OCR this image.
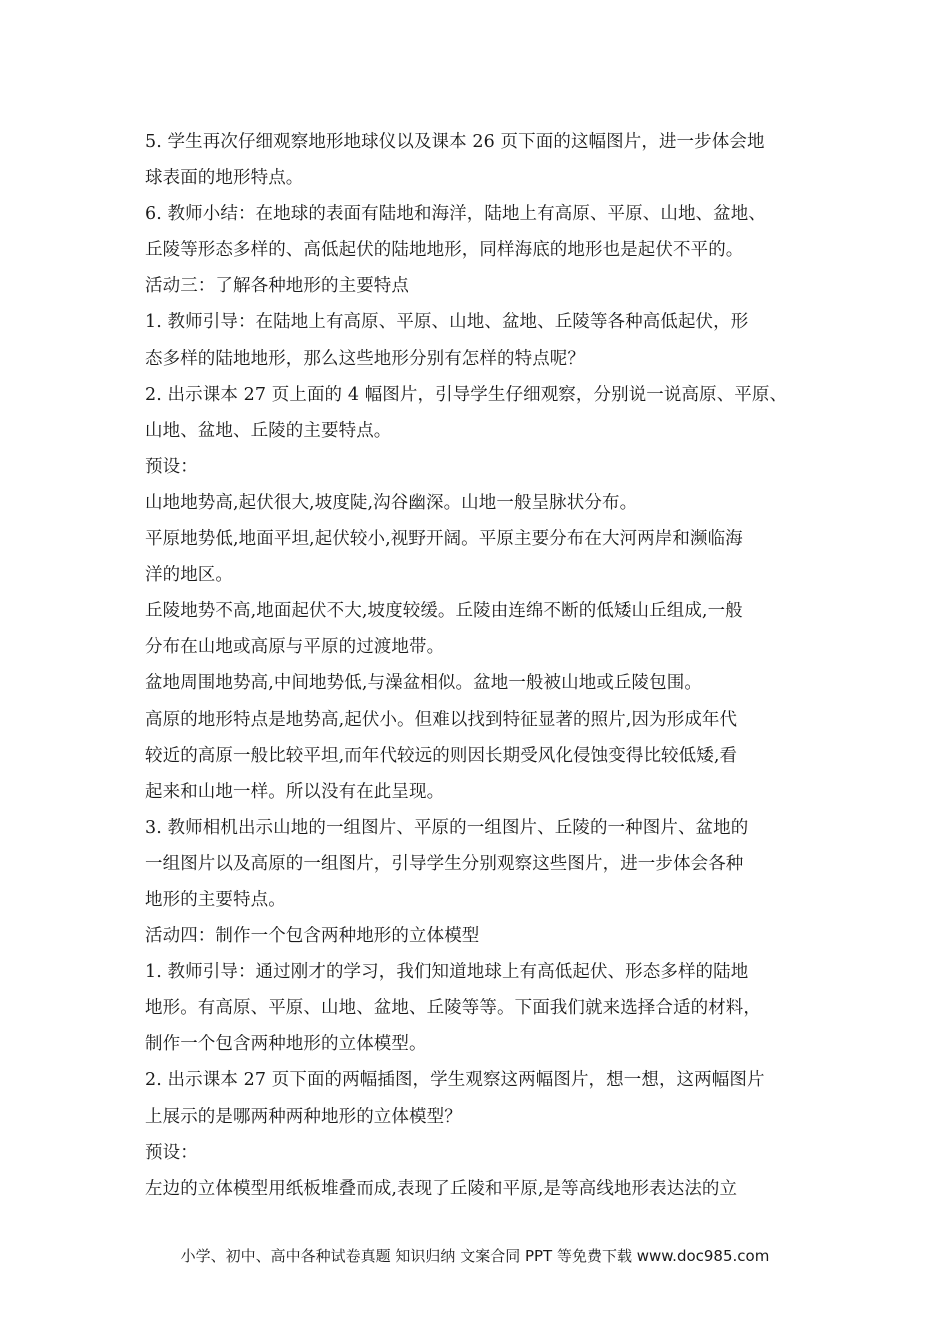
5. 学生再次仔细观察地形地球仪以及课本 26 页下面的这幅图片，进一步体会地
球表面的地形特点。
6. 教师小结：在地球的表面有陆地和海洋，陆地上有高原、平原、山地、盆地、
丘陵等形态多样的、高低起伏的陆地地形，同样海底的地形也是起伏不平的。
活动三：了解各种地形的主要特点
1. 教师引导：在陆地上有高原、平原、山地、盆地、丘陵等各种高低起伏，形
态多样的陆地地形，那么这些地形分别有怎样的特点呢？
2. 出示课本 27 页上面的 4 幅图片，引导学生仔细观察，分别说一说高原、平原、
山地、盆地、丘陵的主要特点。
预设：
山地地势高,起伏很大,坡度陡,沟谷幽深。山地一般呈脉状分布。
平原地势低,地面平坦,起伏较小,视野开阔。平原主要分布在大河两岸和濒临海
洋的地区。
丘陵地势不高,地面起伏不大,坡度较缓。丘陵由连绵不断的低矮山丘组成,一般
分布在山地或高原与平原的过渡地带。
盆地周围地势高,中间地势低,与澡盆相似。盆地一般被山地或丘陵包围。
高原的地形特点是地势高,起伏小。但难以找到特征显著的照片,因为形成年代
较近的高原一般比较平坦,而年代较远的则因长期受风化侵蚀变得比较低矮,看
起来和山地一样。所以没有在此呈现。
3. 教师相机出示山地的一组图片、平原的一组图片、丘陵的一种图片、盆地的
一组图片以及高原的一组图片，引导学生分别观察这些图片，进一步体会各种
地形的主要特点。
活动四：制作一个包含两种地形的立体模型
1. 教师引导：通过刚才的学习，我们知道地球上有高低起伏、形态多样的陆地
地形。有高原、平原、山地、盆地、丘陵等等。下面我们就来选择合适的材料，
制作一个包含两种地形的立体模型。
2. 出示课本 27 页下面的两幅插图，学生观察这两幅图片，想一想，这两幅图片
上展示的是哪两种两种地形的立体模型？
预设：
左边的立体模型用纸板堆叠而成,表现了丘陵和平原,是等高线地形表达法的立
小学、初中、高中各种试卷真题 知识归纳 文案合同 PPT 等免费下载 www.doc985.com
